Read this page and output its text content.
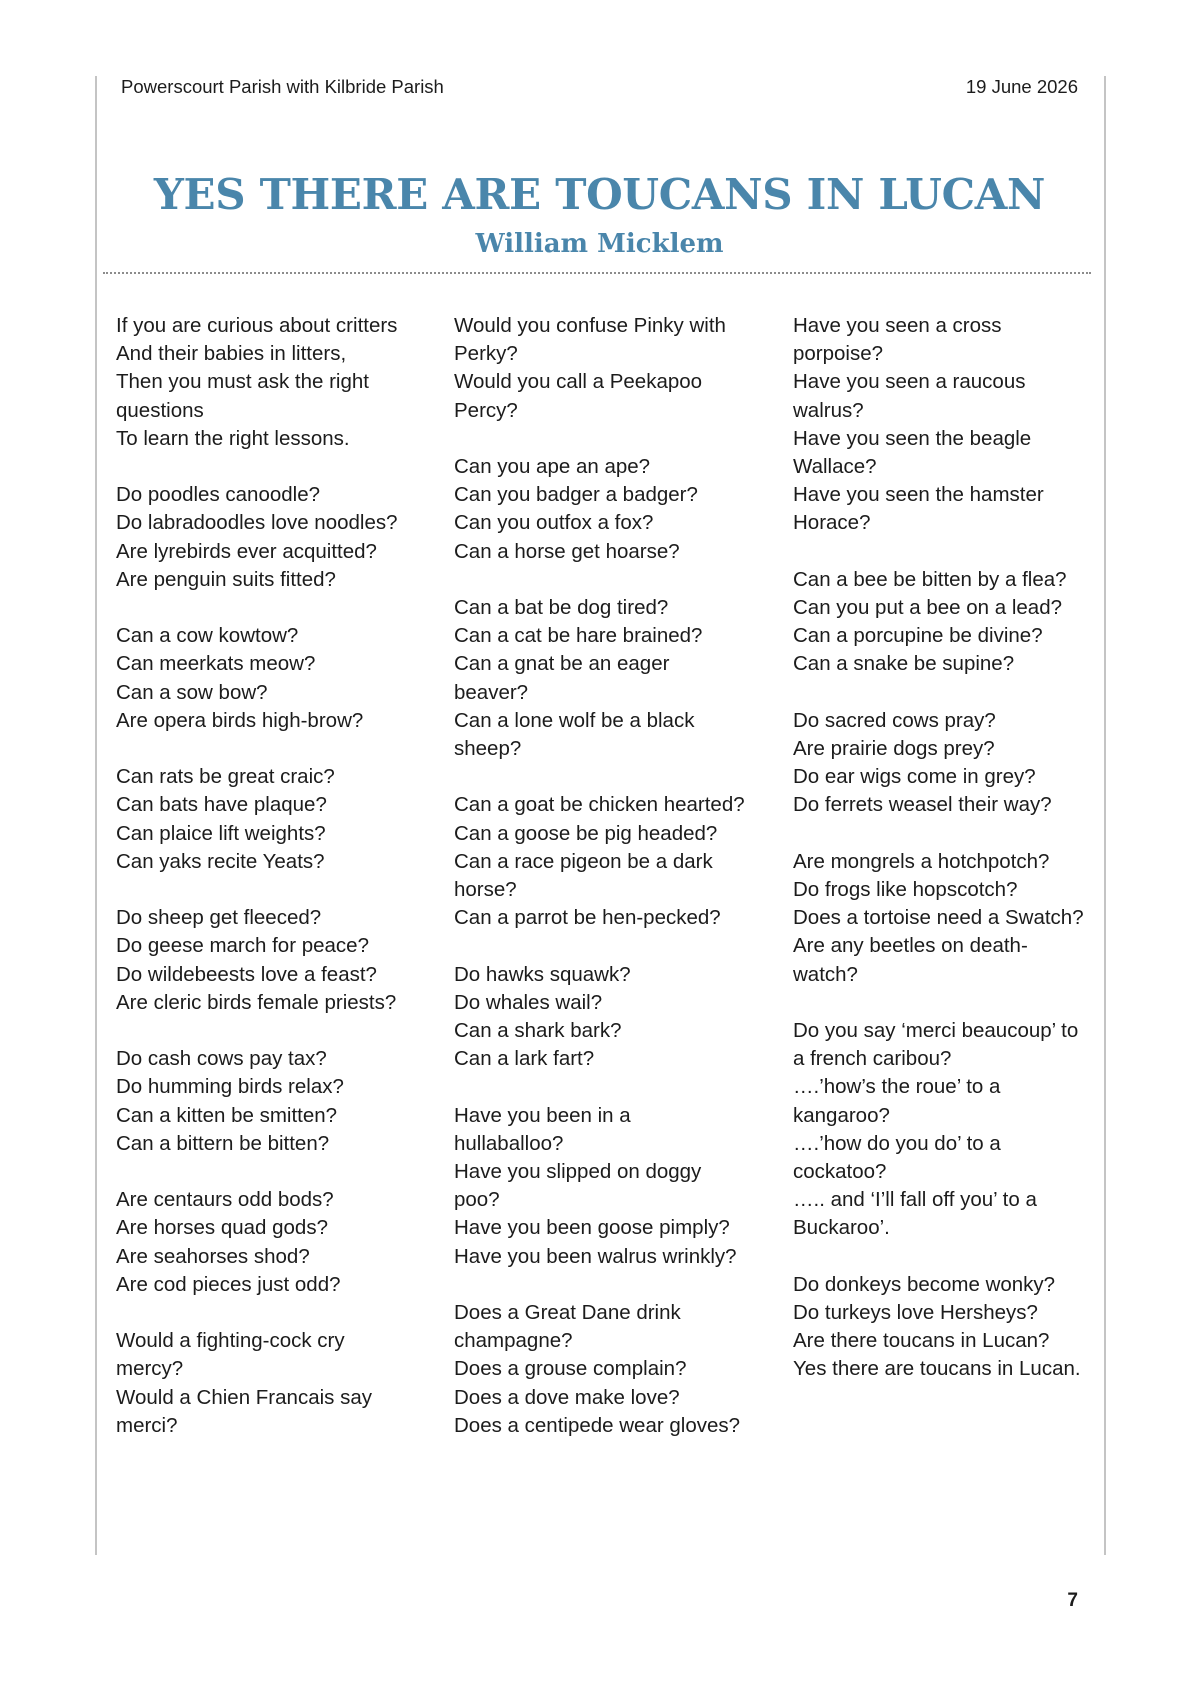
Powerscourt Parish with Kilbride Parish	19 June 2026
YES THERE ARE TOUCANS IN LUCAN
William Micklem
If you are curious about critters
And their babies in litters,
Then you must ask the right
questions
To learn the right lessons.
Do poodles canoodle?
Do labradoodles love noodles?
Are lyrebirds ever acquitted?
Are penguin suits fitted?
Can a cow kowtow?
Can meerkats meow?
Can a sow bow?
Are opera birds high-brow?
Can rats be great craic?
Can bats have plaque?
Can plaice lift weights?
Can yaks recite Yeats?
Do sheep get fleeced?
Do geese march for peace?
Do wildebeests love a feast?
Are cleric birds female priests?
Do cash cows pay tax?
Do humming birds relax?
Can a kitten be smitten?
Can a bittern be bitten?
Are centaurs odd bods?
Are horses quad gods?
Are seahorses shod?
Are cod pieces just odd?
Would a fighting-cock cry
mercy?
Would a Chien Francais say
merci?
Would you confuse Pinky with
Perky?
Would you call a Peekapoo
Percy?
Can you ape an ape?
Can you badger a badger?
Can you outfox a fox?
Can a horse get hoarse?
Can a bat be dog tired?
Can a cat be hare brained?
Can a gnat be an eager
beaver?
Can a lone wolf be a black
sheep?
Can a goat be chicken hearted?
Can a goose be pig headed?
Can a race pigeon be a dark
horse?
Can a parrot be hen-pecked?
Do hawks squawk?
Do whales wail?
Can a shark bark?
Can a lark fart?
Have you been in a
hullaballoo?
Have you slipped on doggy
poo?
Have you been goose pimply?
Have you been walrus wrinkly?
Does a Great Dane drink
champagne?
Does a grouse complain?
Does a dove make love?
Does a centipede wear gloves?
Have you seen a cross
porpoise?
Have you seen a raucous
walrus?
Have you seen the beagle
Wallace?
Have you seen the hamster
Horace?
Can a bee be bitten by a flea?
Can you put a bee on a lead?
Can a porcupine be divine?
Can a snake be supine?
Do sacred cows pray?
Are prairie dogs prey?
Do ear wigs come in grey?
Do ferrets weasel their way?
Are mongrels a hotchpotch?
Do frogs like hopscotch?
Does a tortoise need a Swatch?
Are any beetles on death-
watch?
Do you say ‘merci beaucoup’ to
a french caribou?
….’how’s the roue’ to a
kangaroo?
….’how do you do’ to a
cockatoo?
….. and ‘I’ll fall off you’ to a
Buckaroo’.
Do donkeys become wonky?
Do turkeys love Hersheys?
Are there toucans in Lucan?
Yes there are toucans in Lucan.
7
